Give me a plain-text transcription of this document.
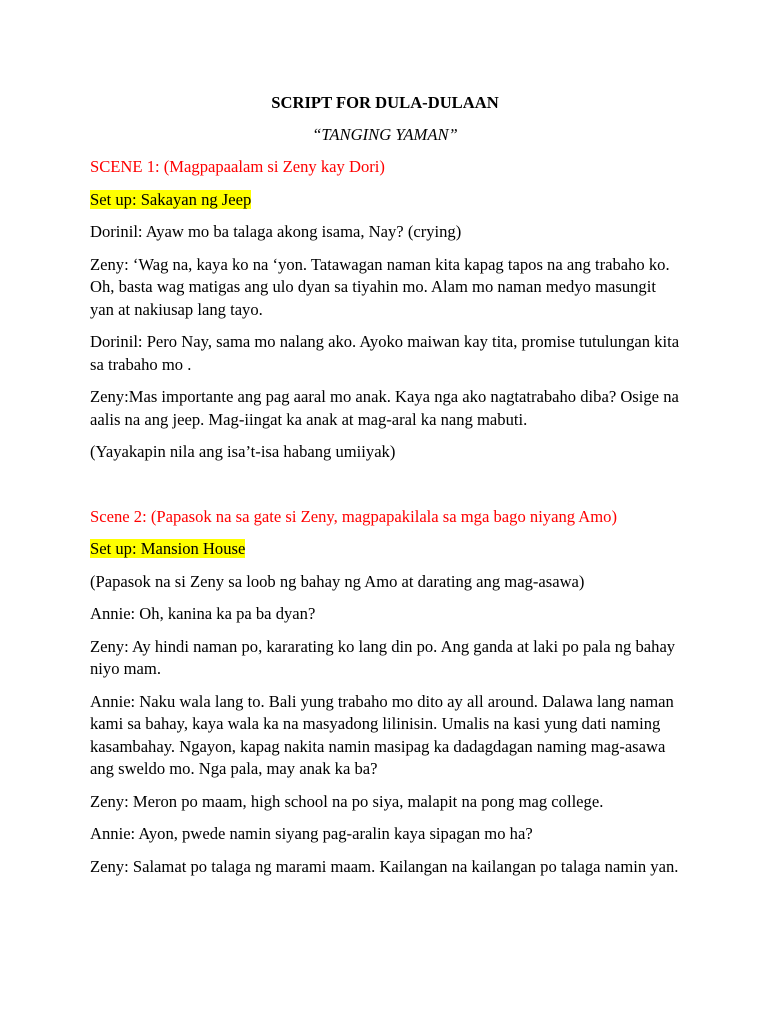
SCRIPT FOR DULA-DULAAN

“TANGING YAMAN”

SCENE 1: (Magpapaalam si Zeny kay Dori)

Set up: Sakayan ng Jeep

Dorinil: Ayaw mo ba talaga akong isama, Nay? (crying)

Zeny: ‘Wag na, kaya ko na ‘yon. Tatawagan naman kita kapag tapos na ang trabaho ko. Oh, basta wag matigas ang ulo dyan sa tiyahin mo. Alam mo naman medyo masungit yan at nakiusap lang tayo.

Dorinil: Pero Nay, sama mo nalang ako. Ayoko maiwan kay tita, promise tutulungan kita sa trabaho mo .

Zeny:Mas importante ang pag aaral mo anak. Kaya nga ako nagtatrabaho diba? Osige na aalis na ang jeep. Mag-iingat ka anak at mag-aral ka nang mabuti.

(Yayakapin nila ang isa’t-isa habang umiiyak)

Scene 2: (Papasok na sa gate si Zeny, magpapakilala sa mga bago niyang Amo)

Set up: Mansion House

(Papasok na si Zeny sa loob ng bahay ng Amo at darating ang mag-asawa)

Annie: Oh, kanina ka pa ba dyan?

Zeny: Ay hindi naman po, kararating ko lang din po. Ang ganda at laki po pala ng bahay niyo mam.

Annie: Naku wala lang to. Bali yung trabaho mo dito ay all around. Dalawa lang naman kami sa bahay, kaya wala ka na masyadong lilinisin. Umalis na kasi yung dati naming kasambahay. Ngayon, kapag nakita namin masipag ka dadagdagan naming mag-asawa ang sweldo mo. Nga pala, may anak ka ba?

Zeny: Meron po maam, high school na po siya, malapit na pong mag college.

Annie: Ayon, pwede namin siyang pag-aralin kaya sipagan mo ha?

Zeny: Salamat po talaga ng marami maam. Kailangan na kailangan po talaga namin yan.
